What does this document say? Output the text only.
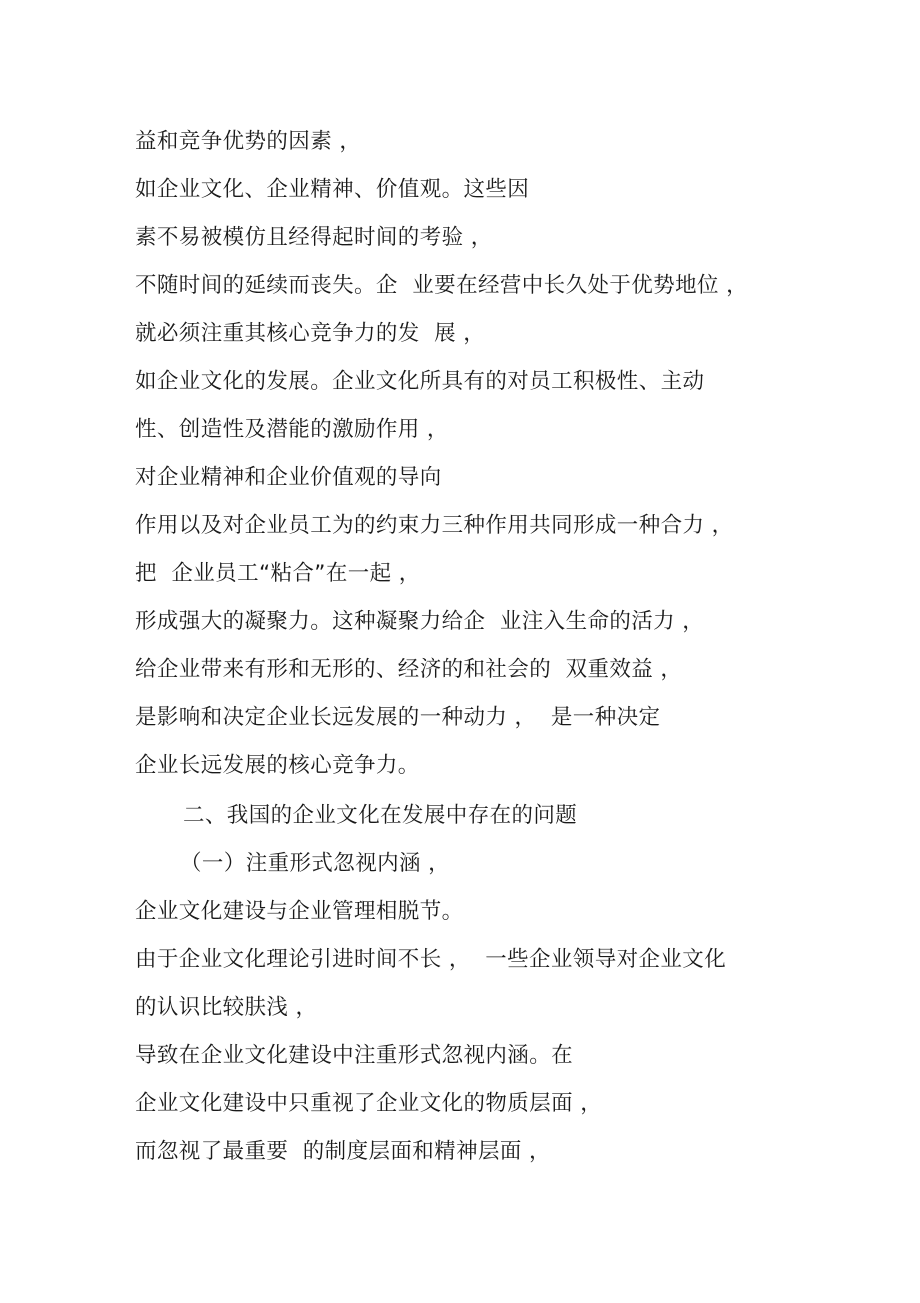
益和竞争优势的因素 ，
如企业文化、企业精神、价值观。这些因
素不易被模仿且经得起时间的考验 ，
不随时间的延续而丧失。企  业要在经营中长久处于优势地位 ，
就必须注重其核心竞争力的发  展 ，
如企业文化的发展。企业文化所具有的对员工积极性、主动
性、创造性及潜能的激励作用 ，
对企业精神和企业价值观的导向
作用以及对企业员工为的约束力三种作用共同形成一种合力 ，
把  企业员工“粘合”在一起 ，
形成强大的凝聚力。这种凝聚力给企  业注入生命的活力 ，
给企业带来有形和无形的、经济的和社会的  双重效益 ，
是影响和决定企业长远发展的一种动力 ，  是一种决定
企业长远发展的核心竞争力。
二、我国的企业文化在发展中存在的问题
（一）注重形式忽视内涵 ，
企业文化建设与企业管理相脱节。
由于企业文化理论引进时间不长 ，  一些企业领导对企业文化
的认识比较肤浅 ，
导致在企业文化建设中注重形式忽视内涵。在
企业文化建设中只重视了企业文化的物质层面 ，
而忽视了最重要  的制度层面和精神层面 ，
